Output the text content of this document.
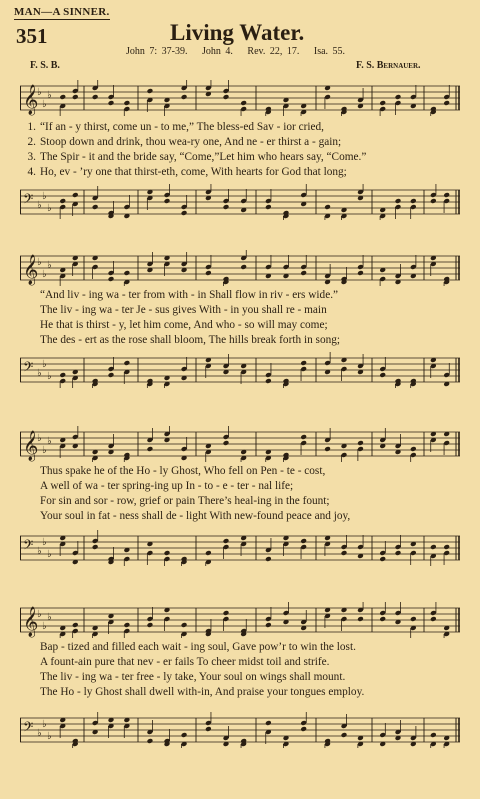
MAN—A SINNER.
351	Living Water.
John 7: 37-39. John 4. Rev. 22, 17. Isa. 55.
F. S. B.	F. S. Bernauer.
𝄞
♭
♭
♭
1. “If an - y thirst, come un - to me,” The bless-ed Sav - ior cried,
2. Stoop down and drink, thou wea-ry one, And ne - er thirst a - gain;
3. The Spir - it and the bride say, “Come,”Let him who hears say, “Come.”
4. Ho, ev - ’ry one that thirst-eth, come, With hearts for God that long;
𝄢 ♭
♭
♭
𝄞
♭
♭
♭
“And liv - ing wa - ter from with - in Shall flow in riv - ers wide.”
The liv - ing wa - ter Je - sus gives With - in you shall re - main
He that is thirst - y, let him come, And who - so will may come;
The des - ert as the rose shall bloom, The hills break forth in song;
𝄢 ♭
♭
♭
𝄞
♭
♭
♭
Thus spake he of the Ho - ly Ghost, Who fell on Pen - te - cost,
A well of wa - ter spring-ing up In - to - e - ter - nal life;
For sin and sor - row, grief or pain There’s heal-ing in the fount;
Your soul in fat - ness shall de - light With new-found peace and joy,
𝄢 ♭
♭
♭
𝄞
♭
♭
♭
Bap - tized and filled each wait - ing soul, Gave pow’r to win the lost.
A fount-ain pure that nev - er fails To cheer midst toil and strife.
The liv - ing wa - ter free - ly take, Your soul on wings shall mount.
The Ho - ly Ghost shall dwell with-in, And praise your tongues employ.
𝄢 ♭
♭
♭
